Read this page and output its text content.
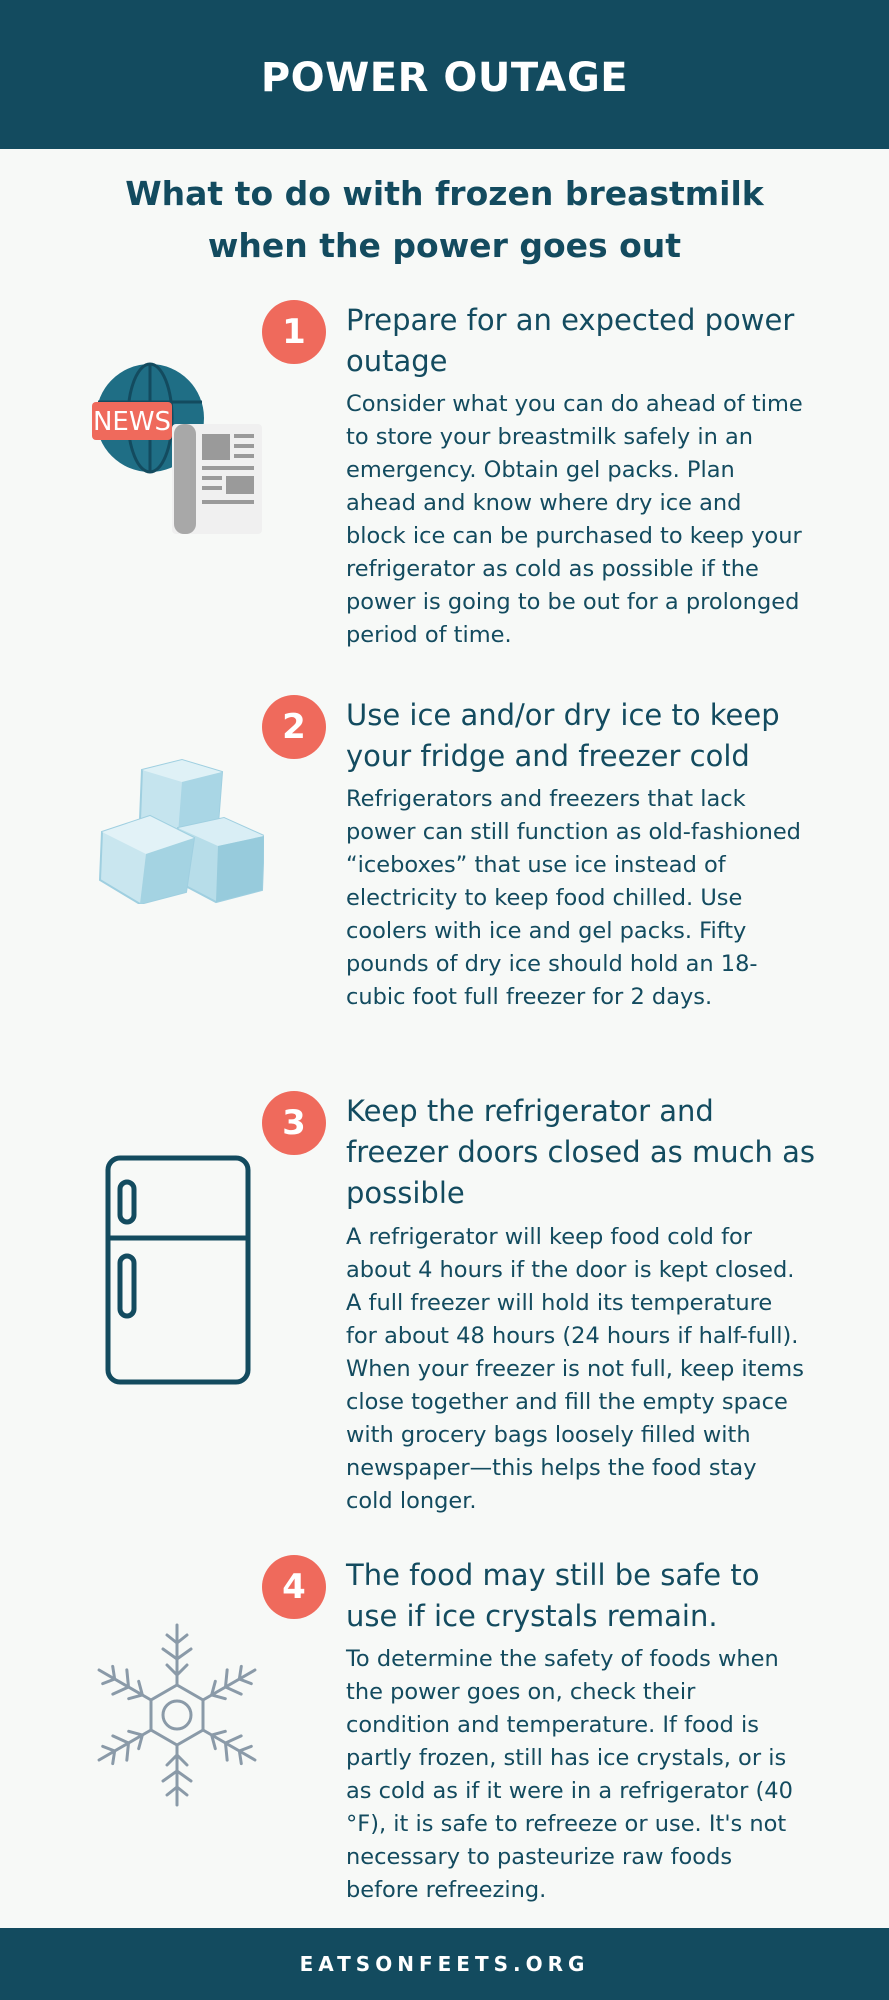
POWER OUTAGE
What to do with frozen breastmilk
when the power goes out
1	Prepare for an expected power outage
Consider what you can do ahead of time to store your breastmilk safely in an emergency. Obtain gel packs. Plan ahead and know where dry ice and block ice can be purchased to keep your refrigerator as cold as possible if the power is going to be out for a prolonged period of time.
NEWS
2	Use ice and/or dry ice to keep your fridge and freezer cold
Refrigerators and freezers that lack power can still function as old-fashioned “iceboxes” that use ice instead of electricity to keep food chilled. Use coolers with ice and gel packs. Fifty pounds of dry ice should hold an 18-cubic foot full freezer for 2 days.
3	Keep the refrigerator and freezer doors closed as much as possible
A refrigerator will keep food cold for about 4 hours if the door is kept closed. A full freezer will hold its temperature for about 48 hours (24 hours if half-full). When your freezer is not full, keep items close together and fill the empty space with grocery bags loosely filled with newspaper—this helps the food stay cold longer.
4	The food may still be safe to use if ice crystals remain.
To determine the safety of foods when the power goes on, check their condition and temperature. If food is partly frozen, still has ice crystals, or is as cold as if it were in a refrigerator (40 °F), it is safe to refreeze or use. It's not necessary to pasteurize raw foods before refreezing.
EATSONFEETS.ORG
